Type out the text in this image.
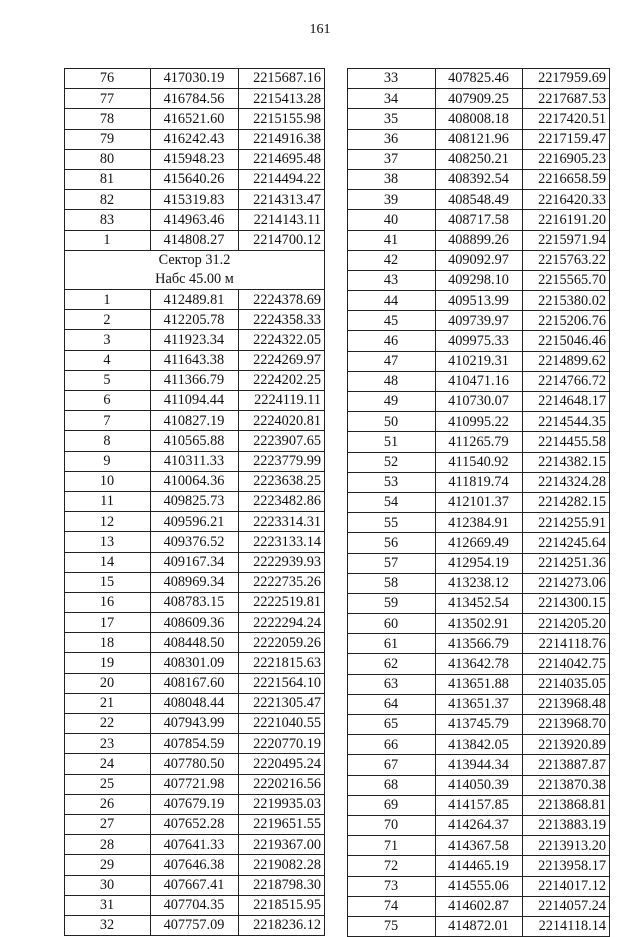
161
76	417030.19	2215687.16
77	416784.56	2215413.28
78	416521.60	2215155.98
79	416242.43	2214916.38
80	415948.23	2214695.48
81	415640.26	2214494.22
82	415319.83	2214313.47
83	414963.46	2214143.11
1	414808.27	2214700.12

Сектор 31.2
Набс 45.00 м		

1	412489.81	2224378.69
2	412205.78	2224358.33
3	411923.34	2224322.05
4	411643.38	2224269.97
5	411366.79	2224202.25
6	411094.44	2224119.11
7	410827.19	2224020.81
8	410565.88	2223907.65
9	410311.33	2223779.99
10	410064.36	2223638.25
11	409825.73	2223482.86
12	409596.21	2223314.31
13	409376.52	2223133.14
14	409167.34	2222939.93
15	408969.34	2222735.26
16	408783.15	2222519.81
17	408609.36	2222294.24
18	408448.50	2222059.26
19	408301.09	2221815.63
20	408167.60	2221564.10
21	408048.44	2221305.47
22	407943.99	2221040.55
23	407854.59	2220770.19
24	407780.50	2220495.24
25	407721.98	2220216.56
26	407679.19	2219935.03
27	407652.28	2219651.55
28	407641.33	2219367.00
29	407646.38	2219082.28
30	407667.41	2218798.30
31	407704.35	2218515.95
32	407757.09	2218236.12
33	407825.46	2217959.69
34	407909.25	2217687.53
35	408008.18	2217420.51
36	408121.96	2217159.47
37	408250.21	2216905.23
38	408392.54	2216658.59
39	408548.49	2216420.33
40	408717.58	2216191.20
41	408899.26	2215971.94
42	409092.97	2215763.22
43	409298.10	2215565.70
44	409513.99	2215380.02
45	409739.97	2215206.76
46	409975.33	2215046.46
47	410219.31	2214899.62
48	410471.16	2214766.72
49	410730.07	2214648.17
50	410995.22	2214544.35
51	411265.79	2214455.58
52	411540.92	2214382.15
53	411819.74	2214324.28
54	412101.37	2214282.15
55	412384.91	2214255.91
56	412669.49	2214245.64
57	412954.19	2214251.36
58	413238.12	2214273.06
59	413452.54	2214300.15
60	413502.91	2214205.20
61	413566.79	2214118.76
62	413642.78	2214042.75
63	413651.88	2214035.05
64	413651.37	2213968.48
65	413745.79	2213968.70
66	413842.05	2213920.89
67	413944.34	2213887.87
68	414050.39	2213870.38
69	414157.85	2213868.81
70	414264.37	2213883.19
71	414367.58	2213913.20
72	414465.19	2213958.17
73	414555.06	2214017.12
74	414602.87	2214057.24
75	414872.01	2214118.14
